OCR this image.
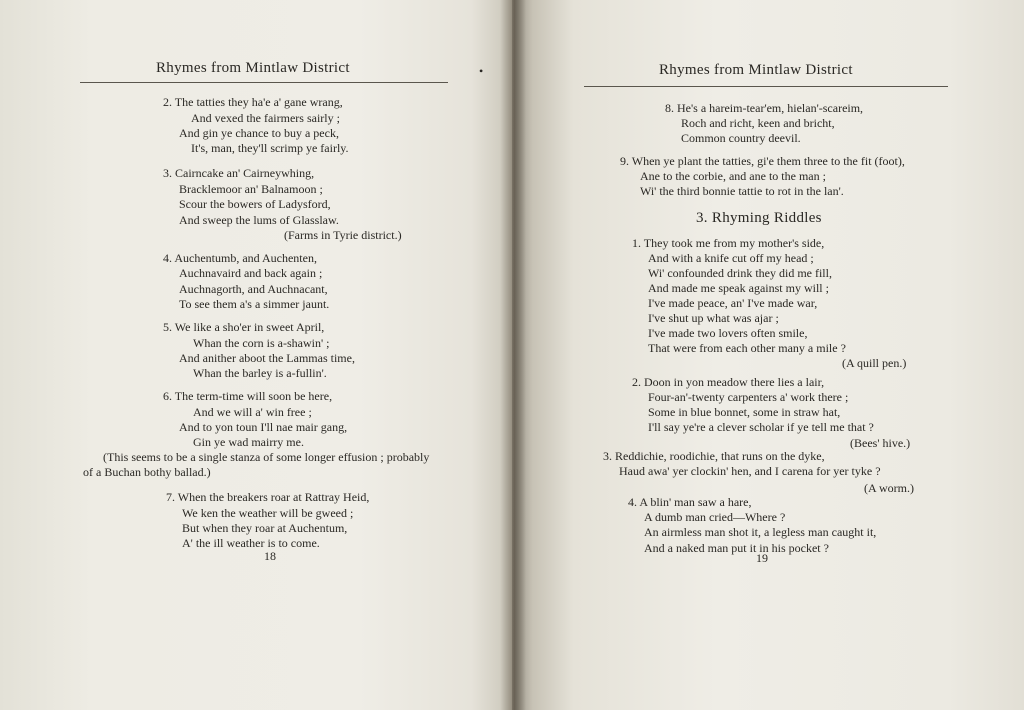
Rhymes from Mintlaw District
2. The tatties they ha'e a' gane wrang,
And vexed the fairmers sairly ;
And gin ye chance to buy a peck,
It's, man, they'll scrimp ye fairly.
3. Cairncake an' Cairneywhing,
Bracklemoor an' Balnamoon ;
Scour the bowers of Ladysford,
And sweep the lums of Glasslaw.
(Farms in Tyrie district.)
4. Auchentumb, and Auchenten,
Auchnavaird and back again ;
Auchnagorth, and Auchnacant,
To see them a's a simmer jaunt.
5. We like a sho'er in sweet April,
Whan the corn is a-shawin' ;
And anither aboot the Lammas time,
Whan the barley is a-fullin'.
6. The term-time will soon be here,
And we will a' win free ;
And to yon toun I'll nae mair gang,
Gin ye wad mairry me.
(This seems to be a single stanza of some longer effusion ; probably
of a Buchan bothy ballad.)
7. When the breakers roar at Rattray Heid,
We ken the weather will be gweed ;
But when they roar at Auchentum,
A' the ill weather is to come.
18
•	Rhymes from Mintlaw District
3. Rhyming Riddles
8. He's a hareim-tear'em, hielan'-scareim,
Roch and richt, keen and bricht,
Common country deevil.
9. When ye plant the tatties, gi'e them three to the fit (foot),
Ane to the corbie, and ane to the man ;
Wi' the third bonnie tattie to rot in the lan'.
1. They took me from my mother's side,
And with a knife cut off my head ;
Wi' confounded drink they did me fill,
And made me speak against my will ;
I've made peace, an' I've made war,
I've shut up what was ajar ;
I've made two lovers often smile,
That were from each other many a mile ?
(A quill pen.)
2. Doon in yon meadow there lies a lair,
Four-an'-twenty carpenters a' work there ;
Some in blue bonnet, some in straw hat,
I'll say ye're a clever scholar if ye tell me that ?
(Bees' hive.)
3. Reddichie, roodichie, that runs on the dyke,
Haud awa' yer clockin' hen, and I carena for yer tyke ?
(A worm.)
4. A blin' man saw a hare,
A dumb man cried—Where ?
An airmless man shot it, a legless man caught it,
And a naked man put it in his pocket ?
19
